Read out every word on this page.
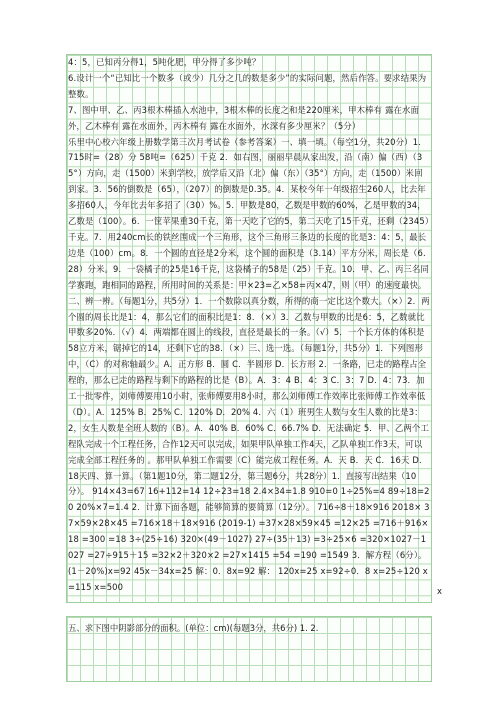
4：5，已知丙分得1，5吨化肥，甲分得了多少吨？

6.设计一个“已知比一个数多（或少）几分之几的数是多少”的实际问题，然后作答。要求结果为整数。

7、图中甲、乙、丙3根木棒插入水池中，3根木棒的长度之和是220厘米，甲木棒有 露在水面外，乙木棒有 露在水面外，丙木棒有 露在水面外，水深有多少厘米？（5分）

乐里中心校六年级上册数学第三次月考试卷（参考答案）一、填一填。（每空1分，共20分）1．715时=（28）分 58吨=（625）千克 2．如右图，丽丽早晨从家出发，沿（南）偏（西）（35°）方向，走（1500）米到学校，放学后又沿（北）偏（东）（35°）方向，走（1500）米回到家。3．56的倒数是（65），（207）的倒数是0.35。4．某校今年一年级招生260人，比去年多招60人，今年比去年多招了（30）%。5．甲数是80，乙数是甲数的60%，乙是甲数的34，乙数是（100）。6．一筐苹果重30千克，第一天吃了它的5，第二天吃了15千克，还剩（2345）千克。7．用240cm长的铁丝围成一个三角形，这个三角形三条边的长度的比是3：4：5，最长边是（100）cm。8．一个圆的直径是2分米，这个圆的面积是（3.14）平方分米，周长是（6.28）分米。9．一袋橘子的25是16千克，这袋橘子的58是（25）千克。10．甲、乙、丙三名同学赛跑，跑相同的路程，所用时间的关系是：甲×23=乙×58=丙×47，则（甲）的速度最快。二、辨一辨。（每题1分，共5分）1．一个数除以真分数，所得的商一定比这个数大。（×）2．两个圆的周长比是1：4，那么它们的面积比是1：8．（×）3．乙数与甲数的比是6：5，乙数就比甲数多20%．（√）4．两端都在圆上的线段，直径是最长的一条。（√）5．一个长方体的体积是58立方米，锯掉它的14，还剩下它的38．（×）三、选一选。（每题1分，共5分）1．下列图形中，（C）的对称轴最少。A．正方形 B．圆 C．半圆形 D．长方形 2．一条路，已走的路程占全程的，那么已走的路程与剩下的路程的比是（B）。A．3：4 B．4：3 C．3：7 D．4：73．加工一批零件，刘师傅要用10小时，张师傅要用8小时，那么刘师傅工作效率比张师傅工作效率低（D）。A．125% B．25% C．120% D．20% 4．六（1）班男生人数与女生人数的比是3：2，女生人数是全班人数的（B）。A．40% B．60% C．66.7% D．无法确定 5．甲、乙两个工程队完成一个工程任务，合作12天可以完成，如果甲队单独工作4天，乙队单独工作3天，可以完成全部工程任务的 。那甲队单独工作需要（C）能完成工程任务。A．天 B．天 C．16天 D．18天四、算一算。（第1题10分，第二题12分，第三题6分，共28分）1．直接写出结果（10分）。 914×43=67 16+112=14 12÷23=18 2.4×34=1.8 910=0 1÷25%=4 89÷18=20 20%×7=1.4 2．计算下面各题，能够简算的要简算（12分）。 716÷8＋18×916 2018× 37×59×28×45 =716×18＋18×916 (2019-1) =37×28×59×45 =12×25 =716＋916×18 =300 =18 3÷(25÷16) 320×(49－1027) 27÷(35＋13) =3÷25×6 =320×1027－1027 =27÷915＋15 =32×2＋320×2 =27×1415 =54 =190 =1549 3．解方程（6分）。 (1－20%)x=92 45x－34x=25 解：0．8x=92 解： 120x=25 x=92÷0．8 x=25÷120 x=115 x=500	x
五、求下图中阴影部分的面积。(单位：cm)(每题3分，共6分) 1. 2.
